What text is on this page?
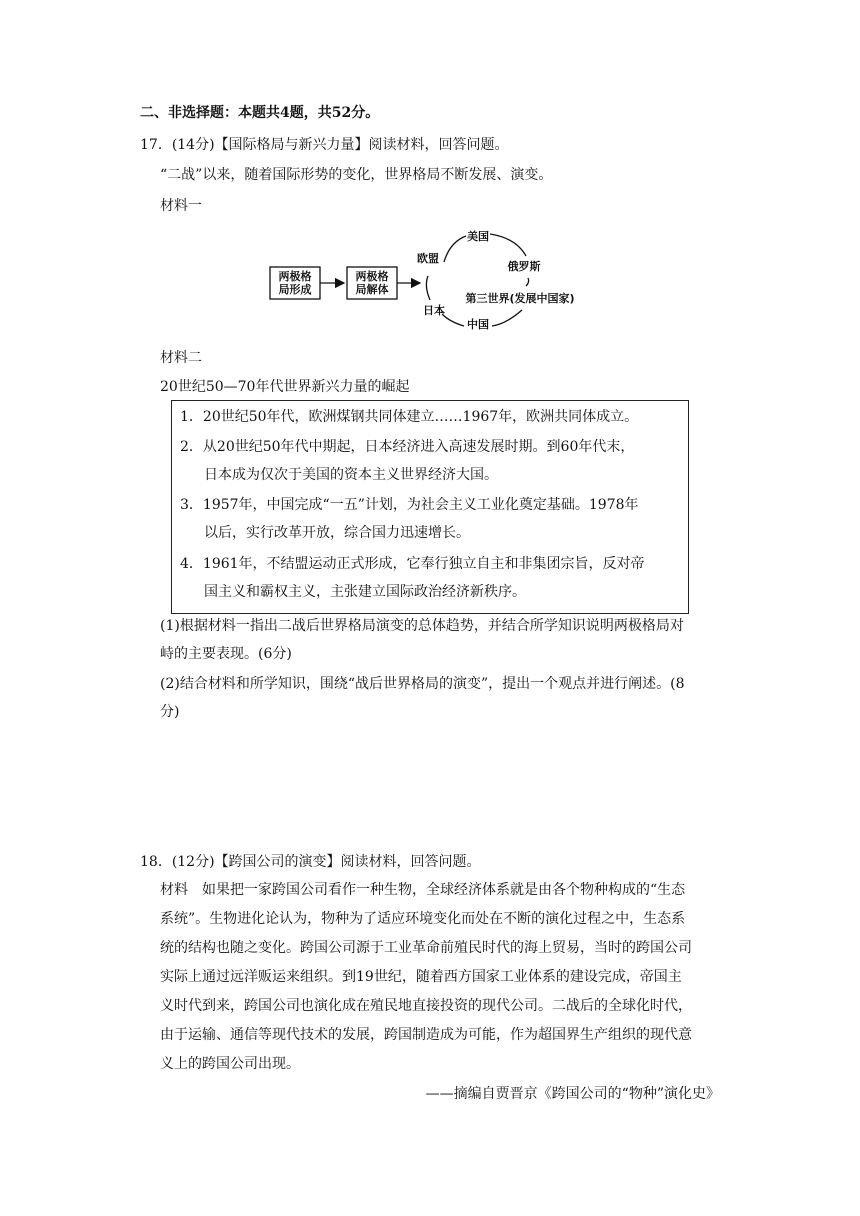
二、非选择题：本题共4题，共52分。
17．(14分)【国际格局与新兴力量】阅读材料，回答问题。
“二战”以来，随着国际形势的变化，世界格局不断发展、演变。
材料一
两极格
局形成
两极格
局解体
美国
俄罗斯
第三世界(发展中国家)
中国
日本
欧盟
材料二
20世纪50—70年代世界新兴力量的崛起
1．20世纪50年代，欧洲煤钢共同体建立……1967年，欧洲共同体成立。
2．从20世纪50年代中期起，日本经济进入高速发展时期。到60年代末，
日本成为仅次于美国的资本主义世界经济大国。
3．1957年，中国完成“一五”计划，为社会主义工业化奠定基础。1978年
以后，实行改革开放，综合国力迅速增长。
4．1961年，不结盟运动正式形成，它奉行独立自主和非集团宗旨，反对帝
国主义和霸权主义，主张建立国际政治经济新秩序。
(1)根据材料一指出二战后世界格局演变的总体趋势，并结合所学知识说明两极格局对
峙的主要表现。(6分)
(2)结合材料和所学知识，围绕“战后世界格局的演变”，提出一个观点并进行阐述。(8
分)
18．(12分)【跨国公司的演变】阅读材料，回答问题。
材料　如果把一家跨国公司看作一种生物，全球经济体系就是由各个物种构成的“生态
系统”。生物进化论认为，物种为了适应环境变化而处在不断的演化过程之中，生态系
统的结构也随之变化。跨国公司源于工业革命前殖民时代的海上贸易，当时的跨国公司
实际上通过远洋贩运来组织。到19世纪，随着西方国家工业体系的建设完成，帝国主
义时代到来，跨国公司也演化成在殖民地直接投资的现代公司。二战后的全球化时代，
由于运输、通信等现代技术的发展，跨国制造成为可能，作为超国界生产组织的现代意
义上的跨国公司出现。
——摘编自贾晋京《跨国公司的“物种”演化史》
